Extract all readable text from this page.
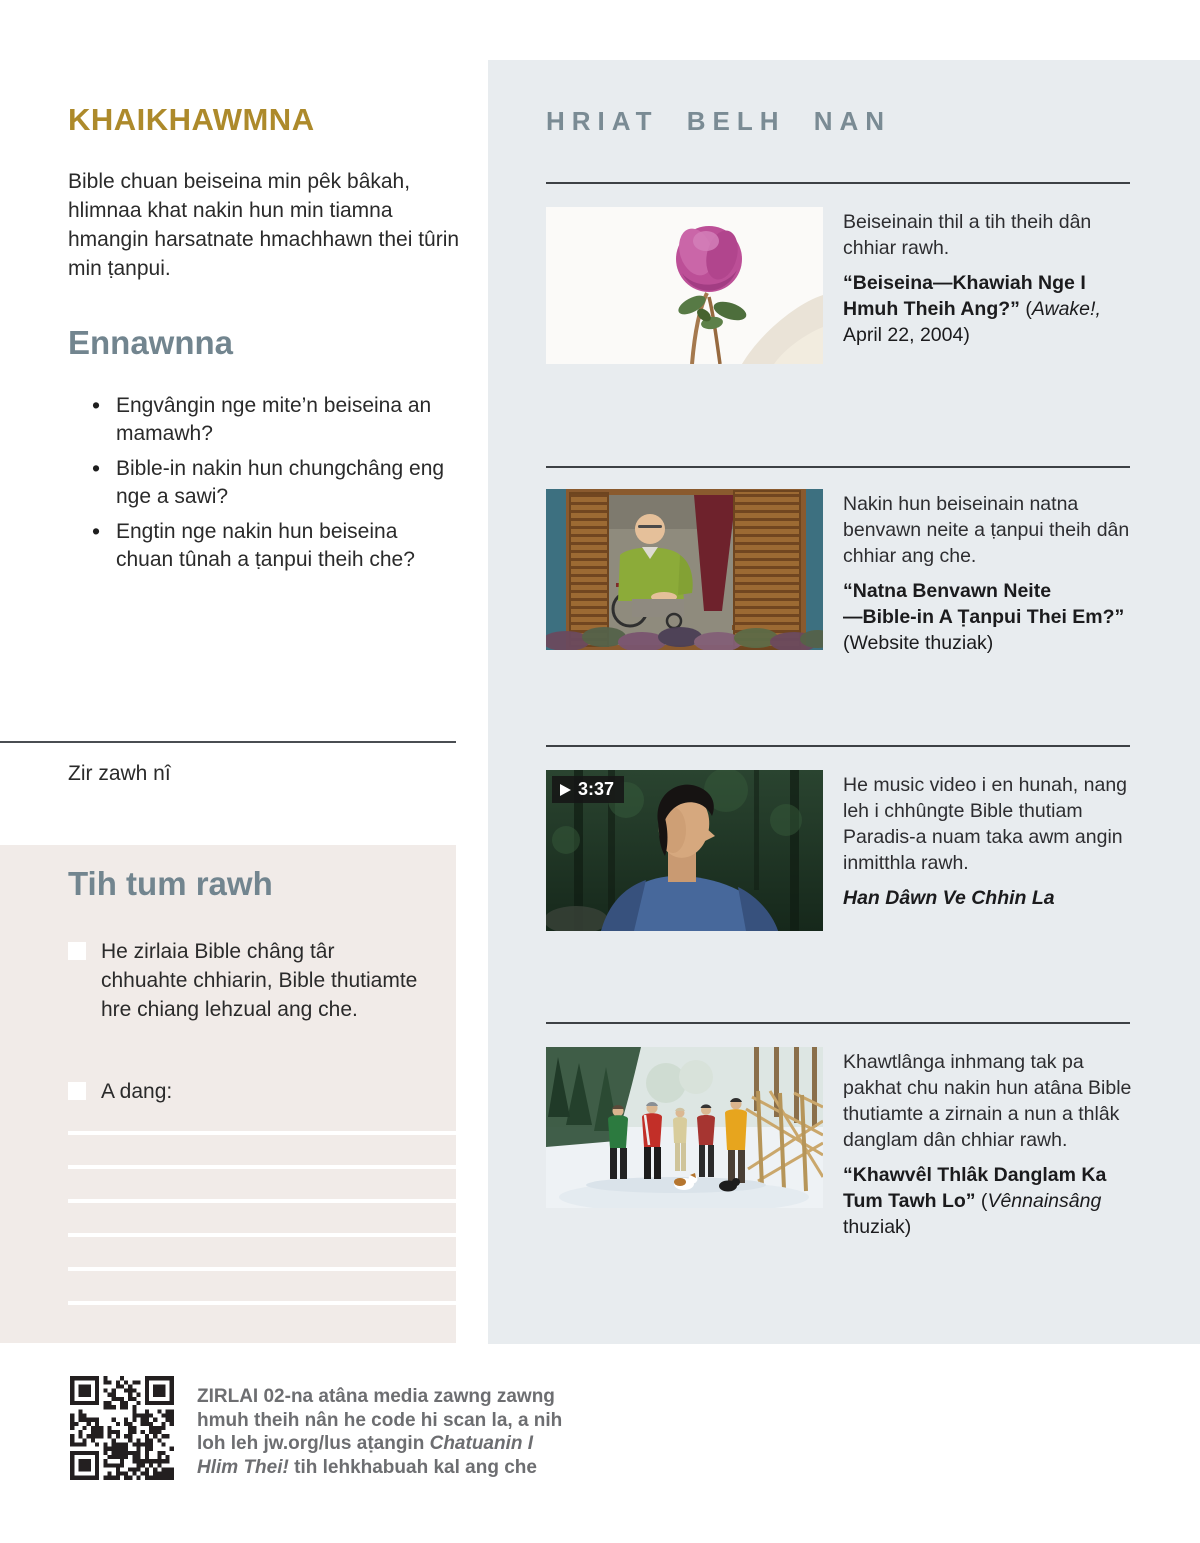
HRIAT BELH NAN

Beiseinain thil a tih theih dân chhiar rawh.

“Beiseina—Khawiah Nge I Hmuh Theih Ang?” (Awake!, April 22, 2004)

Nakin hun beiseinain natna benvawn neite a ṭanpui theih dân chhiar ang che.

“Natna Benvawn Neite
—Bible-in A Ṭanpui Thei Em?” (Website thuziak)

3:37	He music video i en hunah, nang leh i chhûngte Bible thutiam Paradis-a nuam taka awm angin inmitthla rawh.

Han Dâwn Ve Chhin La

Khawtlânga inhmang tak pa pakhat chu nakin hun atâna Bible thutiamte a zirnain a nun a thlâk danglam dân chhiar rawh.

“Khawvêl Thlâk Danglam Ka Tum Tawh Lo” (Vênnainsâng thuziak)

KHAIKHAWMNA

Bible chuan beiseina min pêk bâkah, hlimnaa khat nakin hun min tiamna hmangin harsatnate hmachhawn thei tûrin min ṭanpui.

Ennawnna
• Engvângin nge mite’n beiseina an mamawh?
• Bible-in nakin hun chungchâng eng nge a sawi?
• Engtin nge nakin hun beiseina chuan tûnah a ṭanpui theih che?

Zir zawh nî

Tih tum rawh

He zirlaia Bible châng târ chhuahte chhiarin, Bible thutiamte hre chiang lehzual ang che.

A dang:

ZIRLAI 02-na atâna media zawng zawng hmuh theih nân he code hi scan la, a nih loh leh jw.org/lus aṭangin Chatuanin I Hlim Thei! tih lehkhabuah kal ang che
